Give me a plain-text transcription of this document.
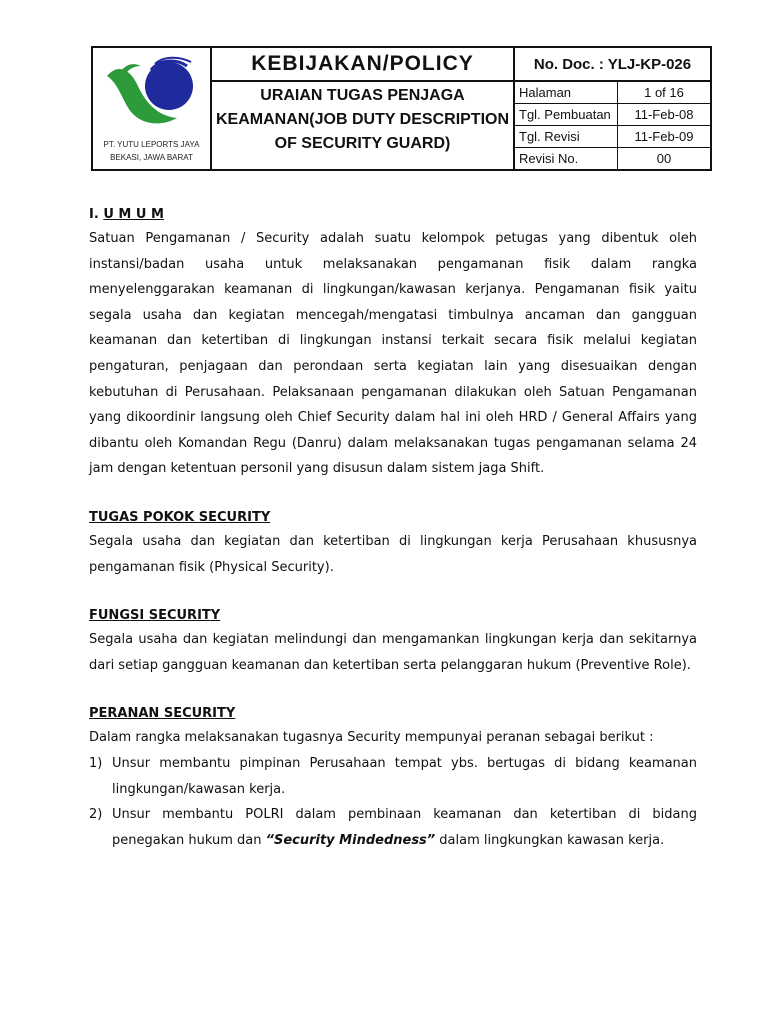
PT. YUTU LEPORTS JAYA
BEKASI, JAWA BARAT
KEBIJAKAN/POLICY
URAIAN TUGAS PENJAGA KEAMANAN(JOB DUTY DESCRIPTION OF SECURITY GUARD)
No. Doc. : YLJ-KP-026
Halaman	1 of 16
Tgl. Pembuatan	11-Feb-08
Tgl. Revisi	11-Feb-09
Revisi No.	00

I. U M U M

Satuan Pengamanan / Security adalah suatu kelompok petugas yang dibentuk oleh instansi/badan usaha untuk melaksanakan pengamanan fisik dalam rangka menyelenggarakan keamanan di lingkungan/kawasan kerjanya. Pengamanan fisik yaitu segala usaha dan kegiatan mencegah/mengatasi timbulnya ancaman dan gangguan keamanan dan ketertiban di lingkungan instansi terkait secara fisik melalui kegiatan pengaturan, penjagaan dan perondaan serta kegiatan lain yang disesuaikan dengan kebutuhan di Perusahaan. Pelaksanaan pengamanan dilakukan oleh Satuan Pengamanan yang dikoordinir langsung oleh Chief Security dalam hal ini oleh HRD / General Affairs yang dibantu oleh Komandan Regu (Danru) dalam melaksanakan tugas pengamanan selama 24 jam dengan ketentuan personil yang disusun dalam sistem jaga Shift.

TUGAS POKOK SECURITY

Segala usaha dan kegiatan dan ketertiban di lingkungan kerja Perusahaan khususnya pengamanan fisik (Physical Security).

FUNGSI SECURITY

Segala usaha dan kegiatan melindungi dan mengamankan lingkungan kerja dan sekitarnya dari setiap gangguan keamanan dan ketertiban serta pelanggaran hukum (Preventive Role).

PERANAN SECURITY

Dalam rangka melaksanakan tugasnya Security mempunyai peranan sebagai berikut :

1) Unsur membantu pimpinan Perusahaan tempat ybs. bertugas di bidang keamanan lingkungan/kawasan kerja.
2) Unsur membantu POLRI dalam pembinaan keamanan dan ketertiban di bidang penegakan hukum dan “Security Mindedness” dalam lingkungkan kawasan kerja.
